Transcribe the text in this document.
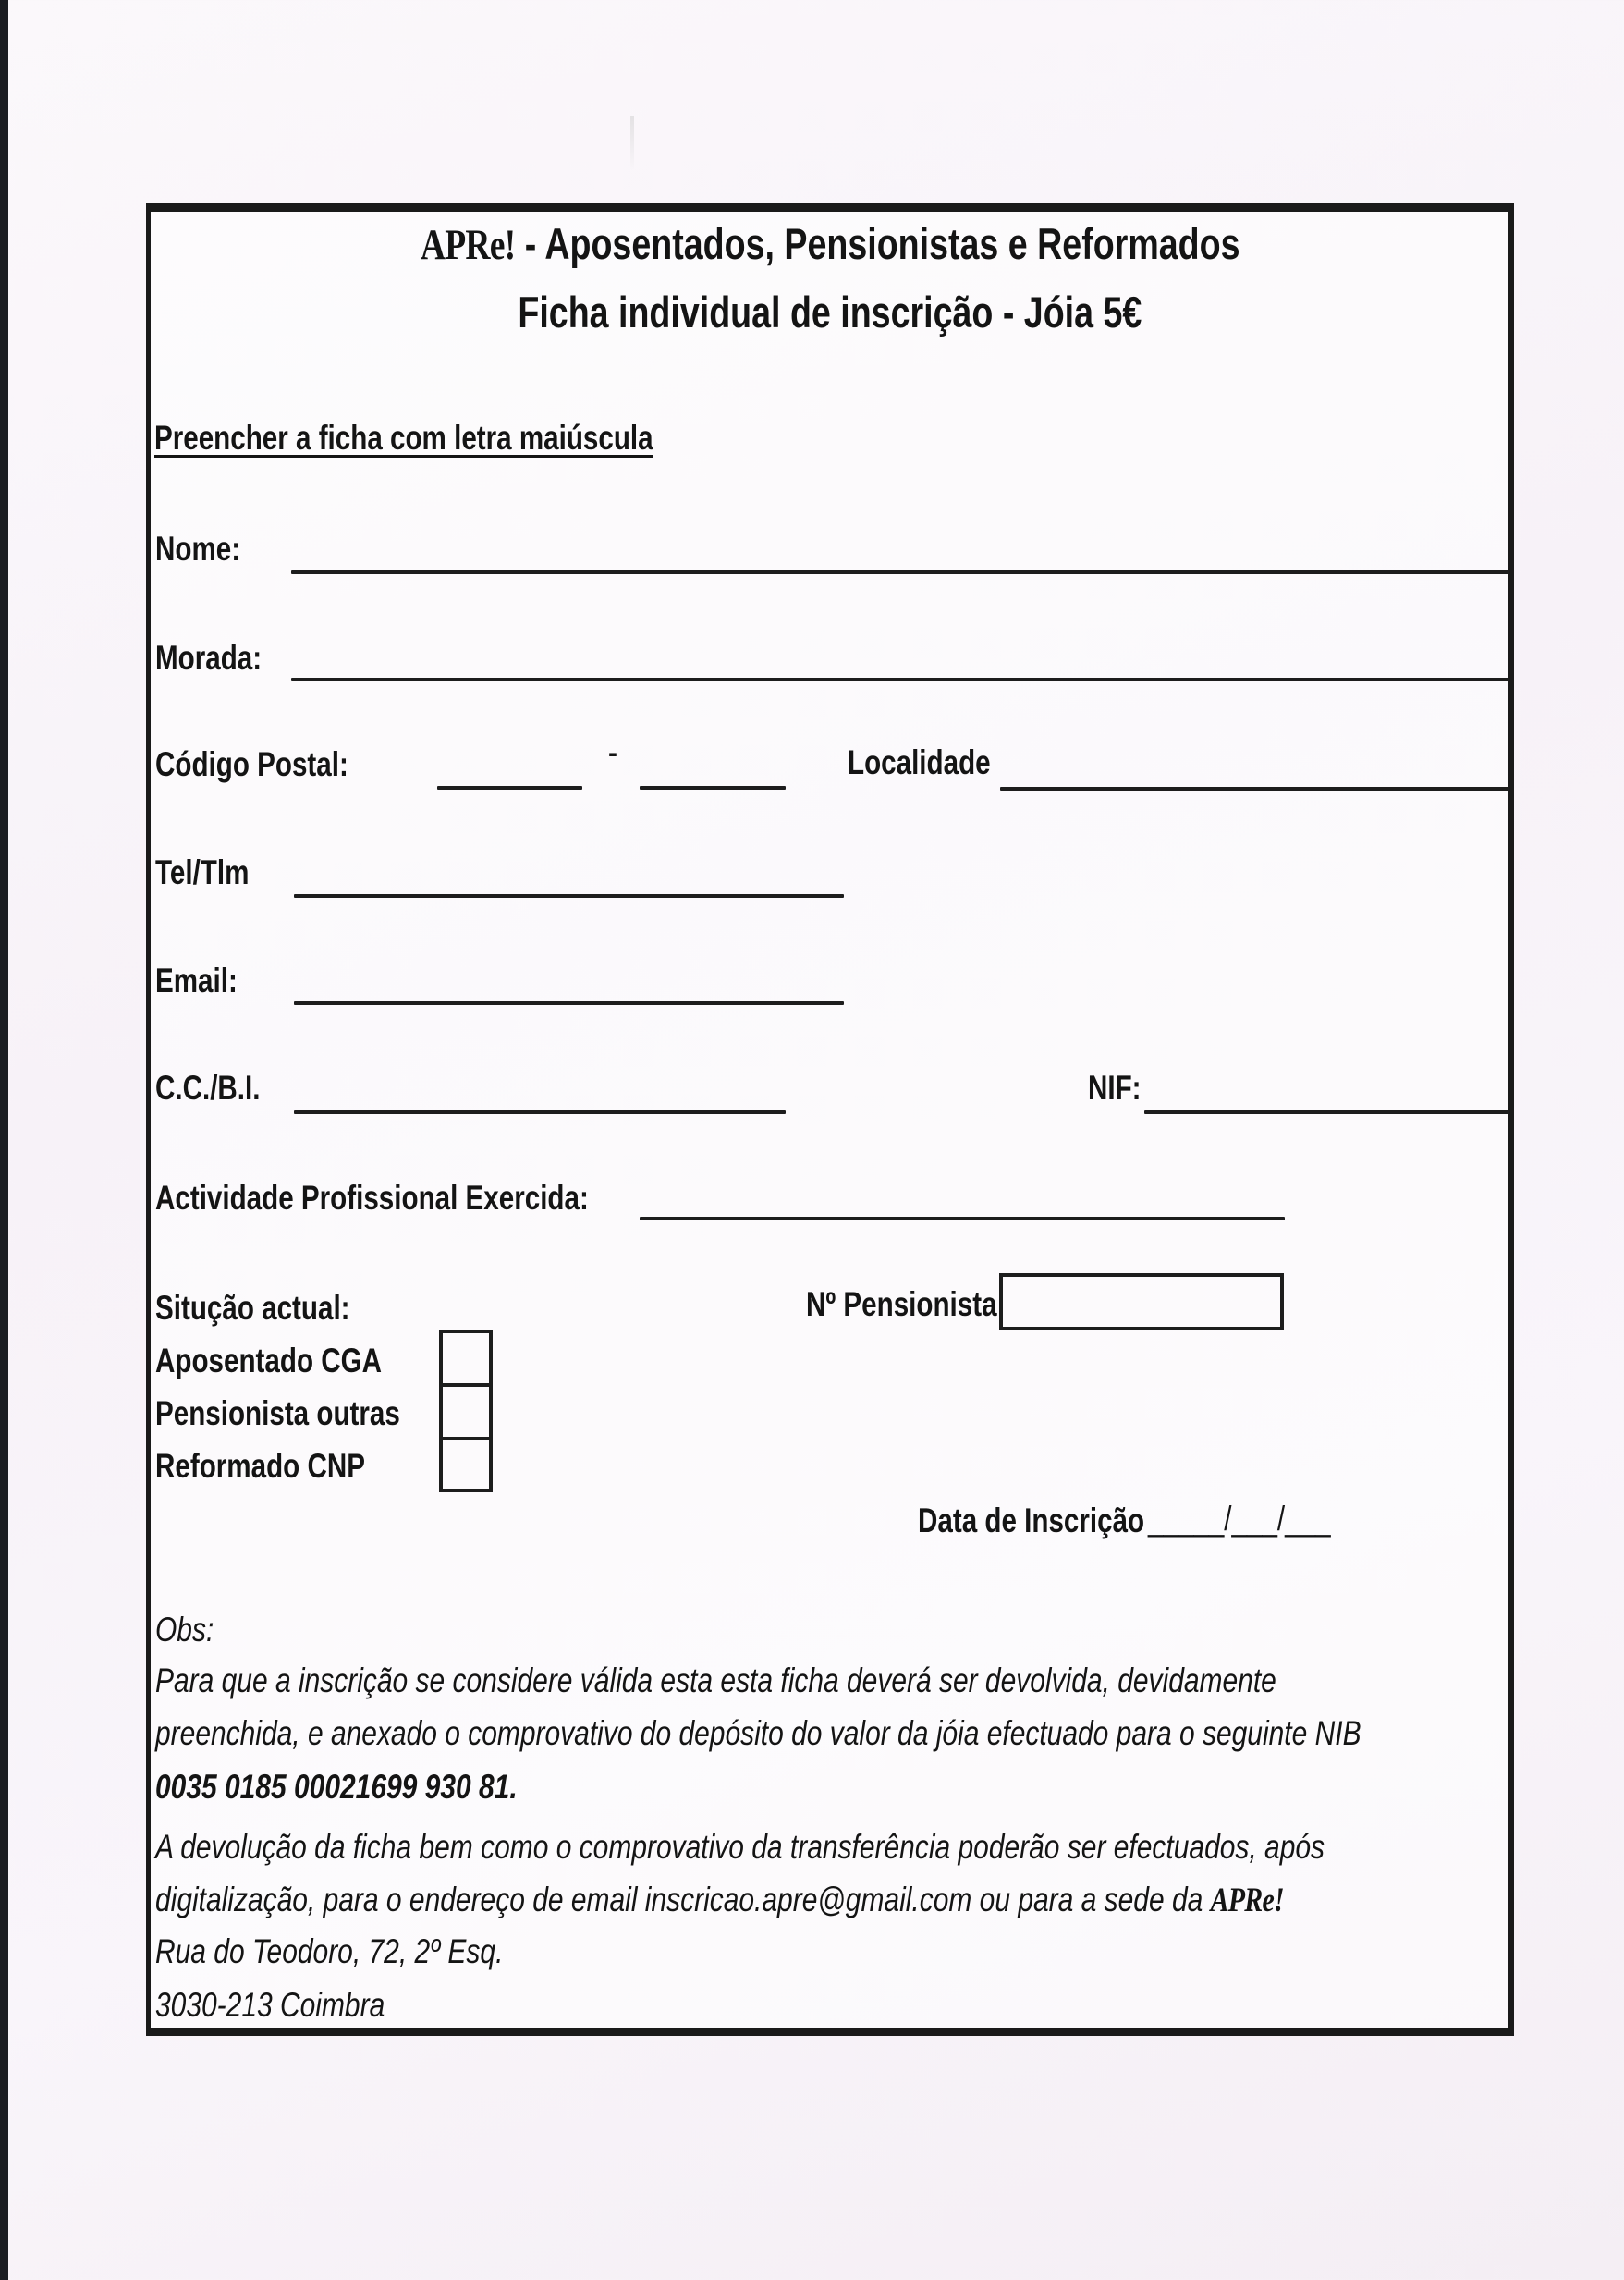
APRe! - Aposentados, Pensionistas e Reformados
Ficha individual de inscrição - Jóia 5€
Preencher a ficha com letra maiúscula
Nome:
Morada:
Código Postal:	-	Localidade
Tel/Tlm
Email:
C.C./B.I.	NIF:
Actividade Profissional Exercida:
Situção actual:
Aposentado CGA
Pensionista outras
Reformado CNP
Nº Pensionista
Data de Inscrição _____/___/___
Obs:
Para que a inscrição se considere válida esta esta ficha deverá ser devolvida, devidamente
preenchida, e anexado o comprovativo do depósito do valor da jóia efectuado para o seguinte NIB
0035 0185 00021699 930 81.
A devolução da ficha bem como o comprovativo da transferência poderão ser efectuados, após
digitalização, para o endereço de email inscricao.apre@gmail.com ou para a sede da APRe!
Rua do Teodoro, 72, 2º Esq.
3030-213 Coimbra
